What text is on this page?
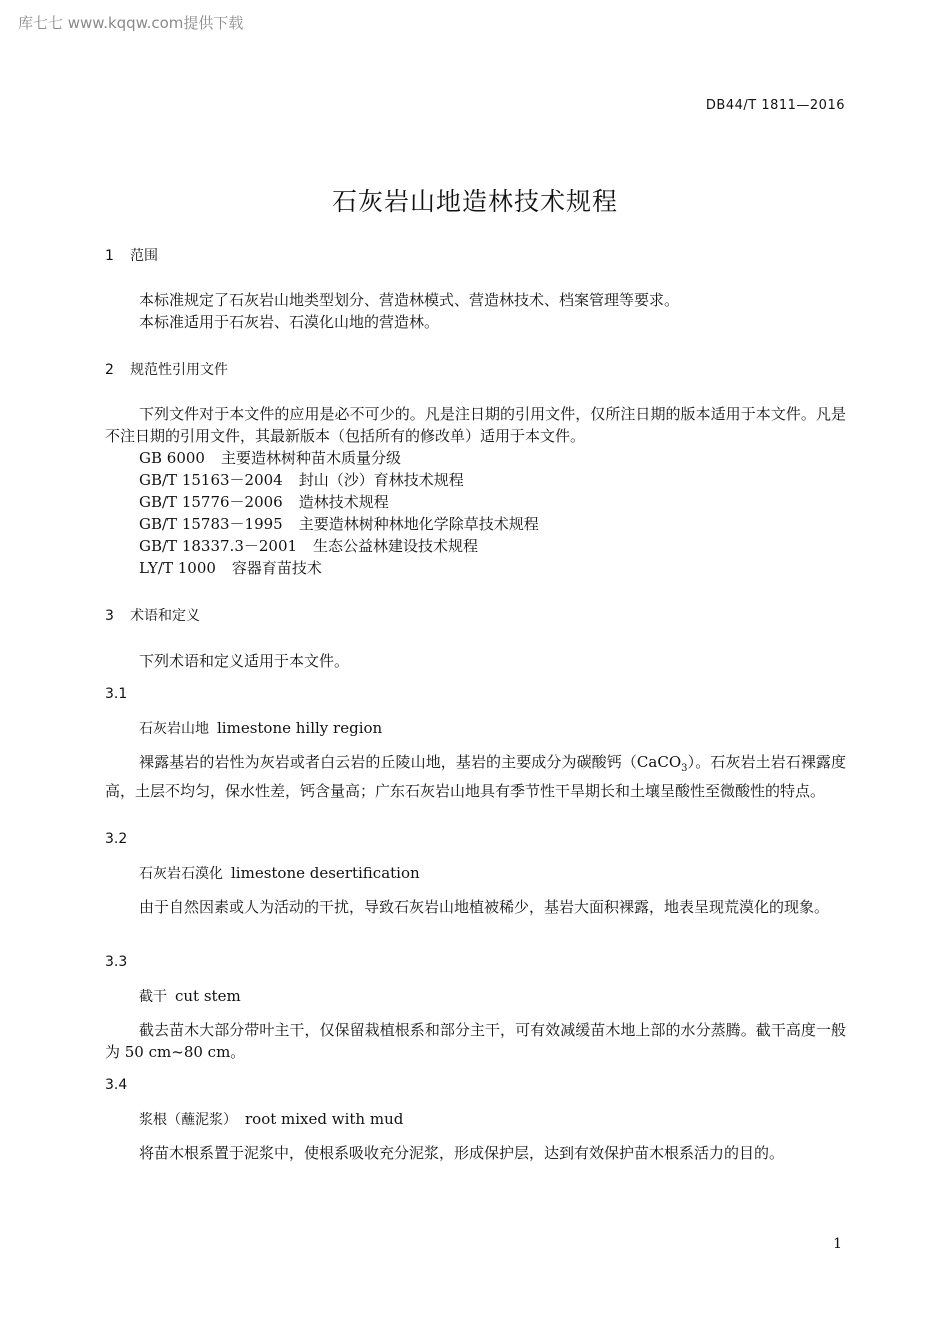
库七七 www.kqqw.com提供下载
DB44/T 1811—2016
石灰岩山地造林技术规程
1 范围
本标准规定了石灰岩山地类型划分、营造林模式、营造林技术、档案管理等要求。
本标准适用于石灰岩、石漠化山地的营造林。
2 规范性引用文件
下列文件对于本文件的应用是必不可少的。凡是注日期的引用文件，仅所注日期的版本适用于本文件。凡是不注日期的引用文件，其最新版本（包括所有的修改单）适用于本文件。
GB 6000 主要造林树种苗木质量分级
GB/T 15163－2004 封山（沙）育林技术规程
GB/T 15776－2006 造林技术规程
GB/T 15783－1995 主要造林树种林地化学除草技术规程
GB/T 18337.3－2001 生态公益林建设技术规程
LY/T 1000 容器育苗技术
3 术语和定义
下列术语和定义适用于本文件。
3.1
石灰岩山地 limestone hilly region
裸露基岩的岩性为灰岩或者白云岩的丘陵山地，基岩的主要成分为碳酸钙（CaCO$_3$）。石灰岩土岩石裸露度高，土层不均匀，保水性差，钙含量高；广东石灰岩山地具有季节性干旱期长和土壤呈酸性至微酸性的特点。
3.2
石灰岩石漠化 limestone desertification
由于自然因素或人为活动的干扰，导致石灰岩山地植被稀少，基岩大面积裸露，地表呈现荒漠化的现象。
3.3
截干 cut stem
截去苗木大部分带叶主干，仅保留栽植根系和部分主干，可有效减缓苗木地上部的水分蒸腾。截干高度一般为 50 cm~80 cm。
3.4
浆根（蘸泥浆） root mixed with mud
将苗木根系置于泥浆中，使根系吸收充分泥浆，形成保护层，达到有效保护苗木根系活力的目的。
1
